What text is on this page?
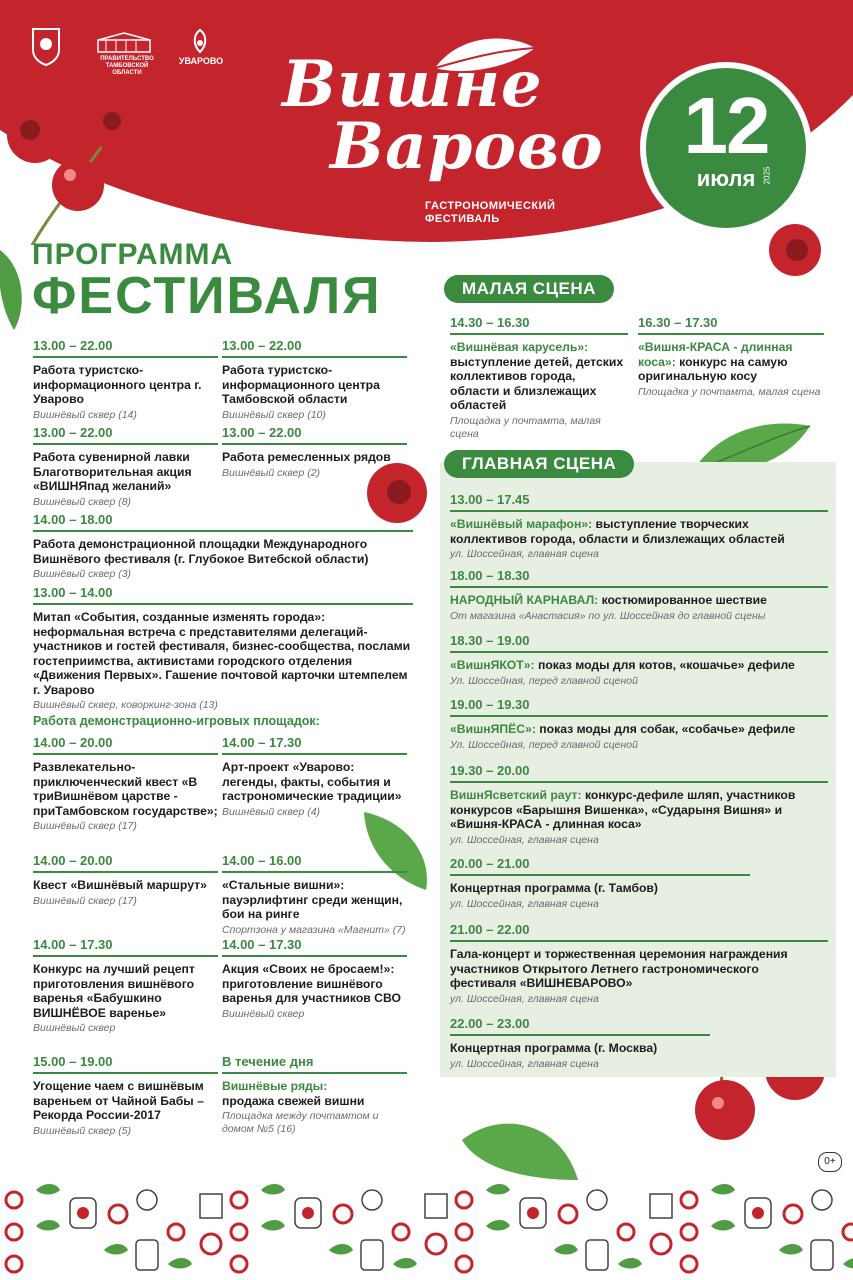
ПРАВИТЕЛЬСТВО ТАМБОВСКОЙ ОБЛАСТИ
УВАРОВО Вишне
Варово
ГАСТРОНОМИЧЕСКИЙ
ФЕСТИВАЛЬ
12
июля 2025
ПРОГРАММА
ФЕСТИВАЛЯ
13.00 – 22.00
Работа туристско-информационного центра г. Уварово
Вишнёвый сквер (14)
13.00 – 22.00
Работа туристско-информационного центра Тамбовской области
Вишнёвый сквер (10)
13.00 – 22.00
Работа сувенирной лавки Благотворительная акция «ВИШНЯпад желаний»
Вишнёвый сквер (8)
13.00 – 22.00
Работа ремесленных рядов
Вишнёвый сквер (2)
14.00 – 18.00
Работа демонстрационной площадки Международного Вишнёвого фестиваля (г. Глубокое Витебской области)
Вишнёвый сквер (3)
13.00 – 14.00
Митап «События, созданные изменять города»: неформальная встреча с представителями делегаций-участников и гостей фестиваля, бизнес-сообщества, послами гостеприимства, активистами городского отделения «Движения Первых». Гашение почтовой карточки штемпелем г. Уварово
Вишнёвый сквер, коворкинг-зона (13)
Работа демонстрационно-игровых площадок:
14.00 – 20.00
Развлекательно-приключенческий квест «В триВишнёвом царстве - приТамбовском государстве»;
Вишнёвый сквер (17)
14.00 – 17.30
Арт-проект «Уварово: легенды, факты, события и гастрономические традиции»
Вишнёвый сквер (4)
14.00 – 20.00
Квест «Вишнёвый маршрут»
Вишнёвый сквер (17)
14.00 – 16.00
«Стальные вишни»: пауэрлифтинг среди женщин, бои на ринге
Спортзона у магазина «Магнит» (7)
14.00 – 17.30
Конкурс на лучший рецепт приготовления вишнёвого варенья «Бабушкино ВИШНЁВОЕ варенье»
Вишнёвый сквер
14.00 – 17.30
Акция «Своих не бросаем!»: приготовление вишнёвого варенья для участников СВО
Вишнёвый сквер
15.00 – 19.00
Угощение чаем с вишнёвым вареньем от Чайной Бабы – Рекорда России-2017
Вишнёвый сквер (5)
В течение дня
Вишнёвые ряды:
продажа свежей вишни
Площадка между почтамтом и домом №5 (16)
МАЛАЯ СЦЕНА
14.30 – 16.30
«Вишнёвая карусель»: выступление детей, детских коллективов города, области и близлежащих областей
Площадка у почтамта, малая сцена
16.30 – 17.30
«Вишня-КРАСА - длинная коса»: конкурс на самую оригинальную косу
Площадка у почтамта, малая сцена
ГЛАВНАЯ СЦЕНА
13.00 – 17.45
«Вишнёвый марафон»: выступление творческих коллективов города, области и близлежащих областей
ул. Шоссейная, главная сцена
18.00 – 18.30
НАРОДНЫЙ КАРНАВАЛ: костюмированное шествие
От магазина «Анастасия» по ул. Шоссейная до главной сцены
18.30 – 19.00
«ВишнЯКОТ»: показ моды для котов, «кошачье» дефиле
Ул. Шоссейная, перед главной сценой
19.00 – 19.30
«ВишнЯПЁС»: показ моды для собак, «собачье» дефиле
Ул. Шоссейная, перед главной сценой
19.30 – 20.00
ВишнЯсветский раут: конкурс-дефиле шляп, участников конкурсов «Барышня Вишенка», «Сударыня Вишня» и «Вишня-КРАСА - длинная коса»
ул. Шоссейная, главная сцена
20.00 – 21.00
Концертная программа (г. Тамбов)
ул. Шоссейная, главная сцена
21.00 – 22.00
Гала-концерт и торжественная церемония награждения участников Открытого Летнего гастрономического фестиваля «ВИШНЕВАРОВО»
ул. Шоссейная, главная сцена
22.00 – 23.00
Концертная программа (г. Москва)
ул. Шоссейная, главная сцена
0+
